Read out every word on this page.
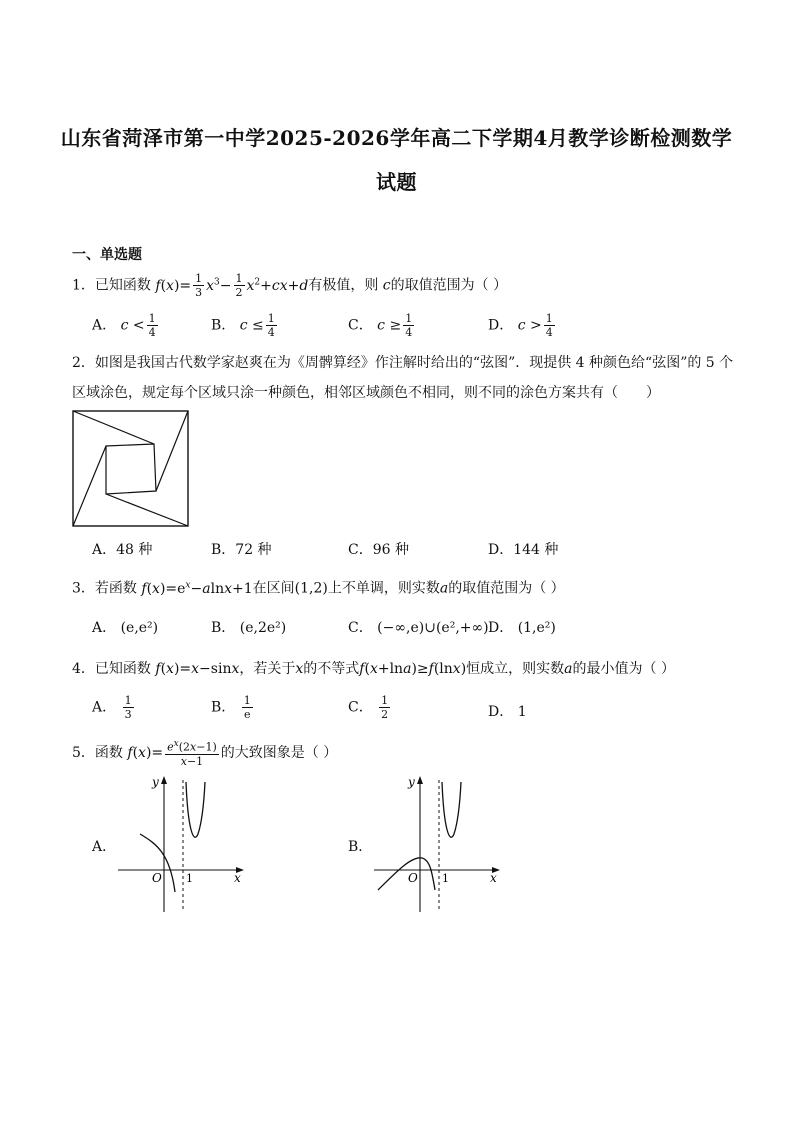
山东省菏泽市第一中学2025-2026学年高二下学期4月教学诊断检测数学
试题
一、单选题
1．已知函数 $f(x)= \frac{1}{3} x^3- \frac{1}{2} x^2+cx+d$有极值，则 c的取值范围为（ ）
A． $c < \frac{1}{4}$	B． $c \le \frac{1}{4}$	C． $c \ge \frac{1}{4}$	D． $c > \frac{1}{4}$
2．如图是我国古代数学家赵爽在为《周髀算经》作注解时给出的“弦图”．现提供 4 种颜色给“弦图”的 5 个
区域涂色，规定每个区域只涂一种颜色，相邻区域颜色不相同，则不同的涂色方案共有（　　）
A．48 种	B．72 种	C．96 种	D．144 种
3．若函数 $f(x)=e^x-alnx+1$在区间(1,2)上不单调，则实数a的取值范围为（ ）
A． (e,e²)	B． (e,2e²)	C． (−∞,e)∪(e²,+∞) D． (1,e²)
4．已知函数 f(x)=x−sinx，若关于x的不等式f(x+lna)≥f(lnx)恒成立，则实数a的最小值为（ ）
A． $\frac{1}{3}$	B． $\frac{1}{e}$	C． $\frac{1}{2}$	D． 1
5．函数 $f(x)= \frac{e^x(2x-1)}{x-1}$ 的大致图象是（ ）
A．
O 1	x
y
B．
O 1	x
y
